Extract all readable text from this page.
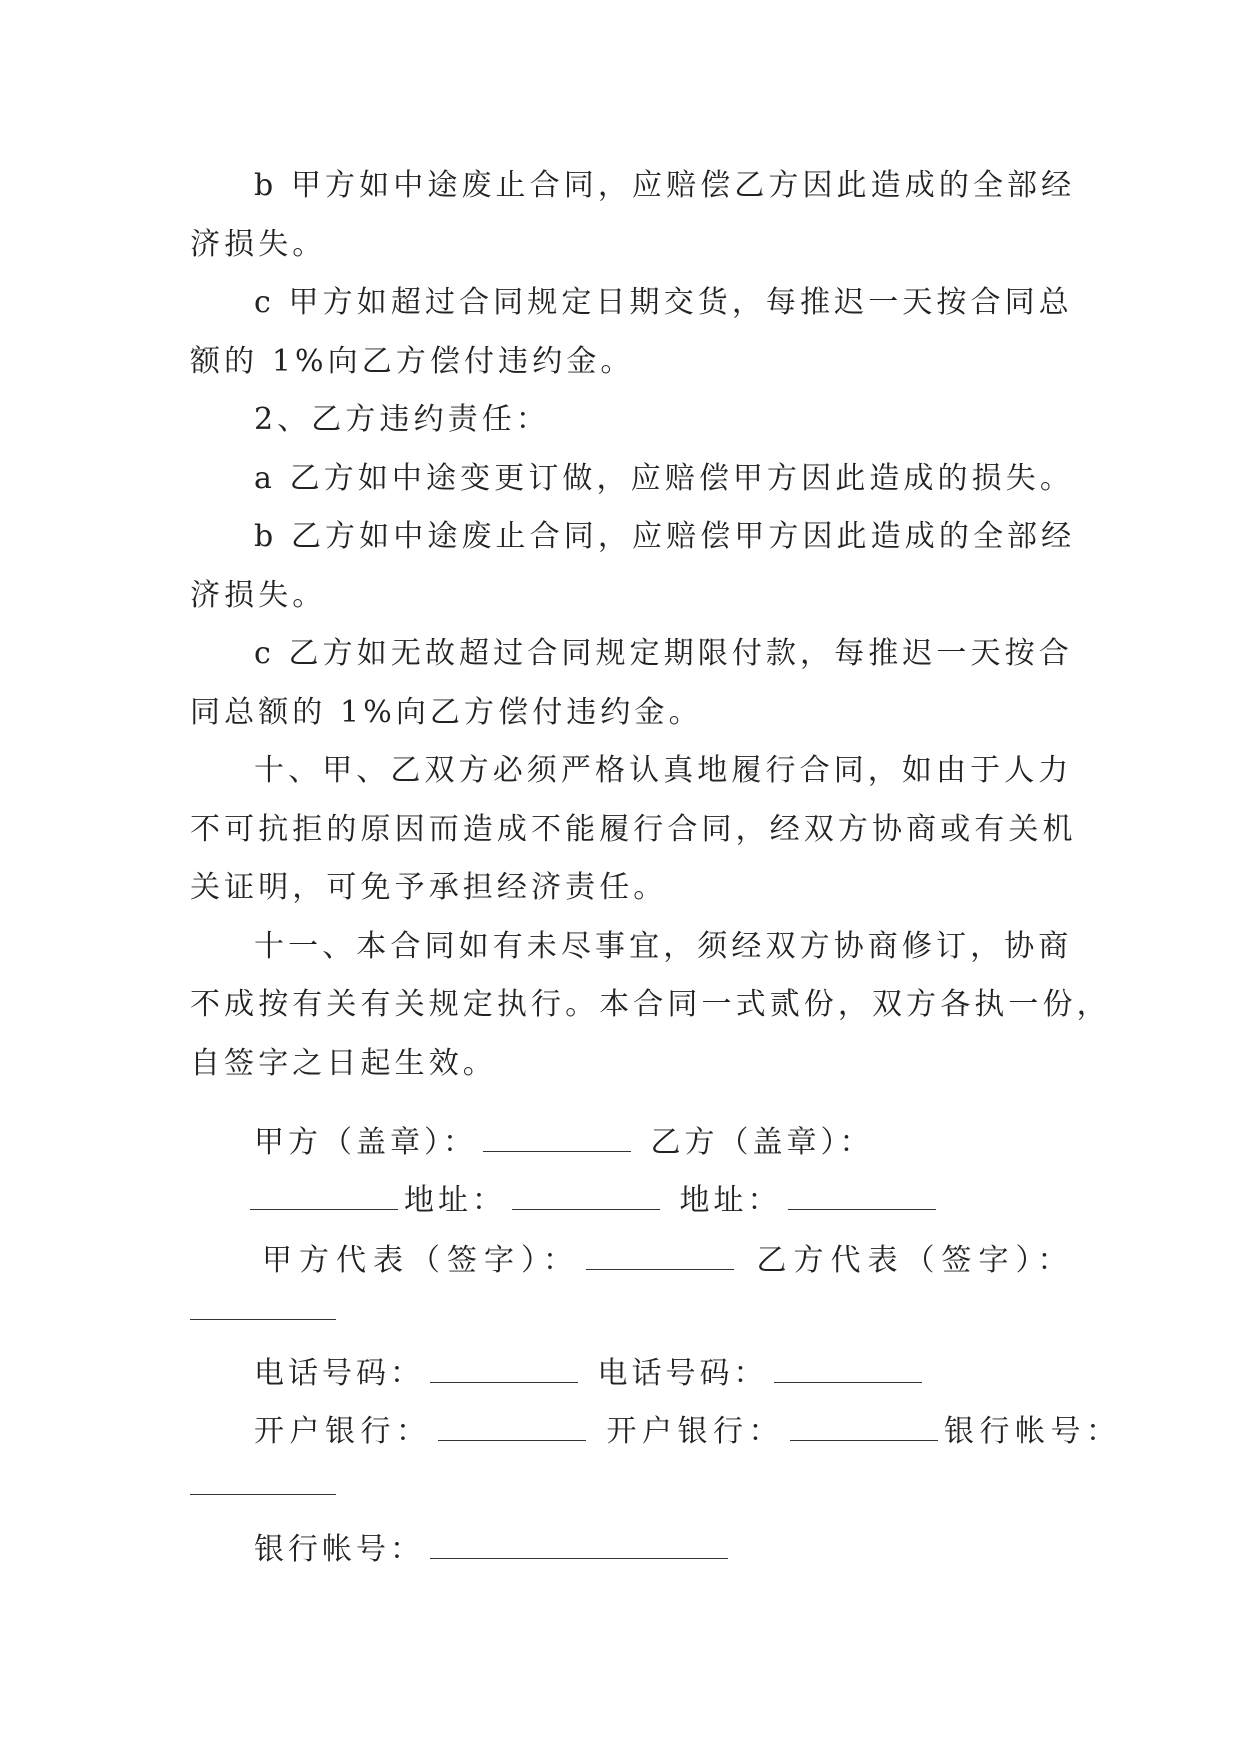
b 甲方如中途废止合同，应赔偿乙方因此造成的全部经
济损失。
c 甲方如超过合同规定日期交货，每推迟一天按合同总
额的 1%向乙方偿付违约金。
2、乙方违约责任：
a 乙方如中途变更订做，应赔偿甲方因此造成的损失。
b 乙方如中途废止合同，应赔偿甲方因此造成的全部经
济损失。
c 乙方如无故超过合同规定期限付款，每推迟一天按合
同总额的 1%向乙方偿付违约金。
十、甲、乙双方必须严格认真地履行合同，如由于人力
不可抗拒的原因而造成不能履行合同，经双方协商或有关机
关证明，可免予承担经济责任。
十一、本合同如有未尽事宜，须经双方协商修订，协商
不成按有关有关规定执行。本合同一式贰份，双方各执一份，
自签字之日起生效。
甲方（盖章）：	乙方（盖章）：
地址：	地址：
甲方代表（签字）：	乙方代表（签字）：
电话号码：	电话号码：
开户银行：	开户银行：	银行帐号：
银行帐号：
